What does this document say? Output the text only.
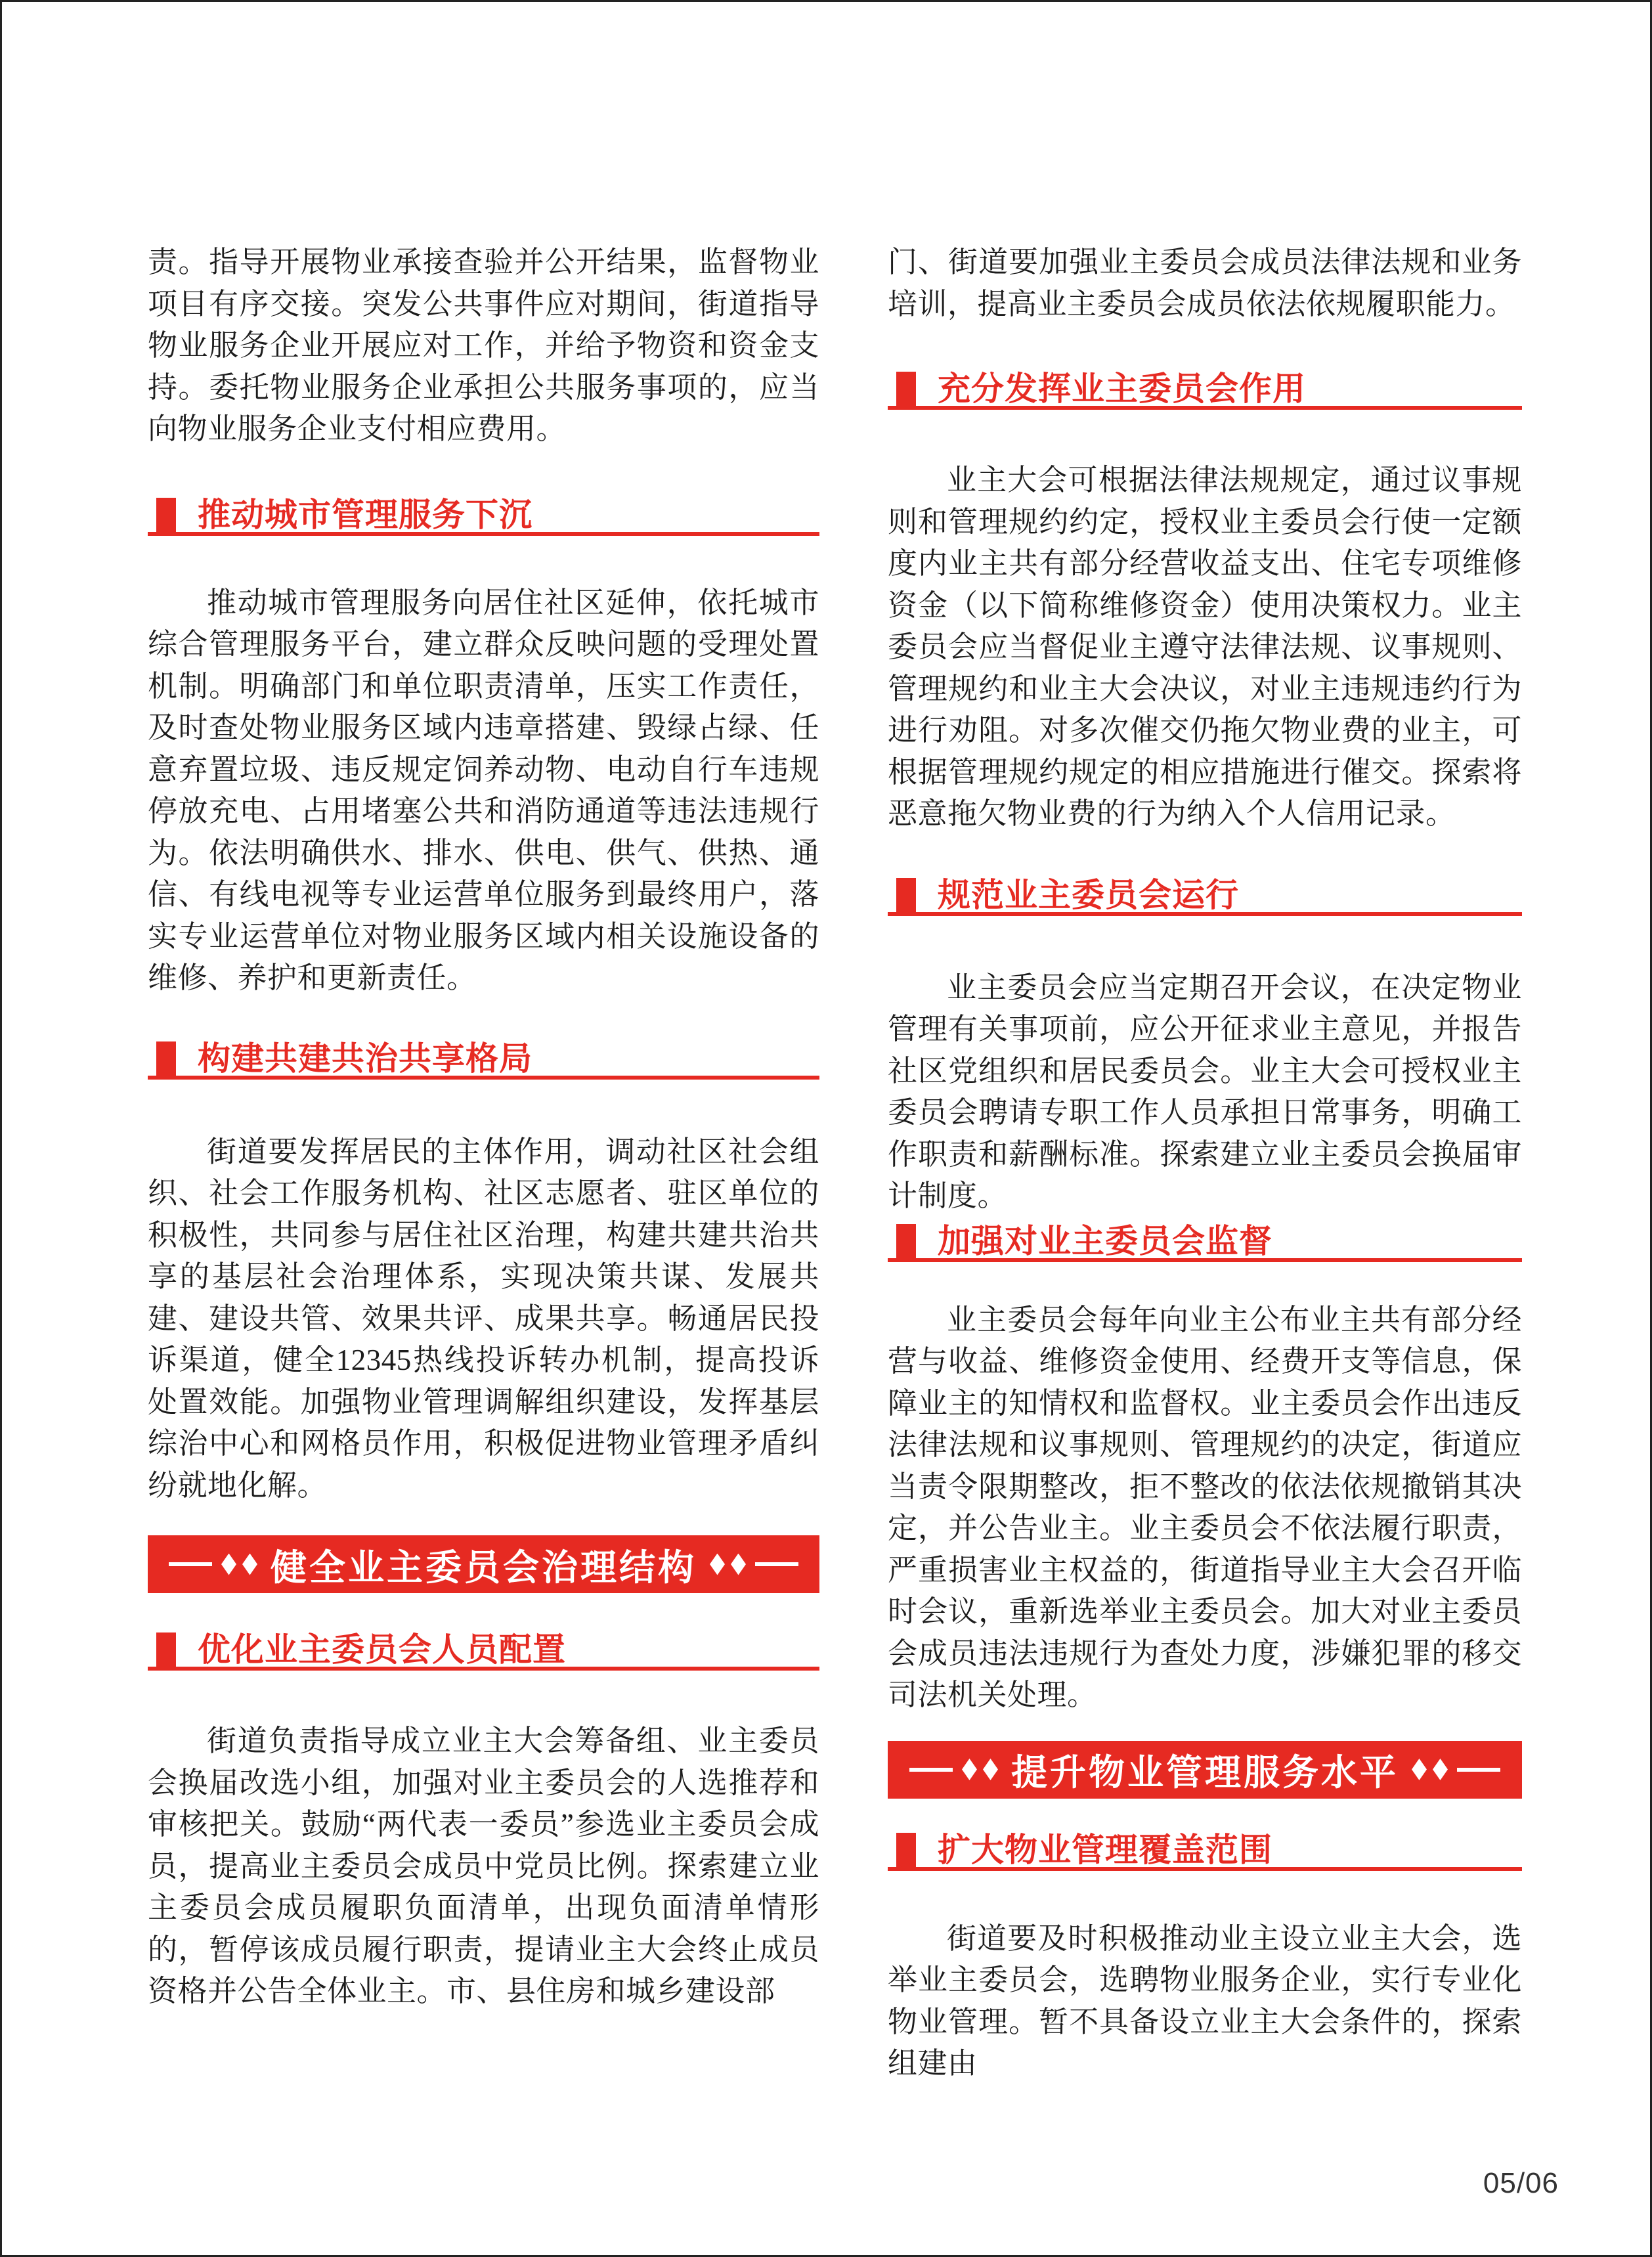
责。指导开展物业承接查验并公开结果，监督物业项目有序交接。突发公共事件应对期间，街道指导物业服务企业开展应对工作，并给予物资和资金支持。委托物业服务企业承担公共服务事项的，应当向物业服务企业支付相应费用。

推动城市管理服务下沉

推动城市管理服务向居住社区延伸，依托城市综合管理服务平台，建立群众反映问题的受理处置机制。明确部门和单位职责清单，压实工作责任，及时查处物业服务区域内违章搭建、毁绿占绿、任意弃置垃圾、违反规定饲养动物、电动自行车违规停放充电、占用堵塞公共和消防通道等违法违规行为。依法明确供水、排水、供电、供气、供热、通信、有线电视等专业运营单位服务到最终用户，落实专业运营单位对物业服务区域内相关设施设备的维修、养护和更新责任。

构建共建共治共享格局

街道要发挥居民的主体作用，调动社区社会组织、社会工作服务机构、社区志愿者、驻区单位的积极性，共同参与居住社区治理，构建共建共治共享的基层社会治理体系，实现决策共谋、发展共建、建设共管、效果共评、成果共享。畅通居民投诉渠道，健全12345热线投诉转办机制，提高投诉处置效能。加强物业管理调解组织建设，发挥基层综治中心和网格员作用，积极促进物业管理矛盾纠纷就地化解。

健全业主委员会治理结构
优化业主委员会人员配置

街道负责指导成立业主大会筹备组、业主委员会换届改选小组，加强对业主委员会的人选推荐和审核把关。鼓励“两代表一委员”参选业主委员会成员，提高业主委员会成员中党员比例。探索建立业主委员会成员履职负面清单，出现负面清单情形的，暂停该成员履行职责，提请业主大会终止成员资格并公告全体业主。市、县住房和城乡建设部

门、街道要加强业主委员会成员法律法规和业务培训，提高业主委员会成员依法依规履职能力。

充分发挥业主委员会作用

业主大会可根据法律法规规定，通过议事规则和管理规约约定，授权业主委员会行使一定额度内业主共有部分经营收益支出、住宅专项维修资金（以下简称维修资金）使用决策权力。业主委员会应当督促业主遵守法律法规、议事规则、管理规约和业主大会决议，对业主违规违约行为进行劝阻。对多次催交仍拖欠物业费的业主，可根据管理规约规定的相应措施进行催交。探索将恶意拖欠物业费的行为纳入个人信用记录。

规范业主委员会运行

业主委员会应当定期召开会议，在决定物业管理有关事项前，应公开征求业主意见，并报告社区党组织和居民委员会。业主大会可授权业主委员会聘请专职工作人员承担日常事务，明确工作职责和薪酬标准。探索建立业主委员会换届审计制度。

加强对业主委员会监督

业主委员会每年向业主公布业主共有部分经营与收益、维修资金使用、经费开支等信息，保障业主的知情权和监督权。业主委员会作出违反法律法规和议事规则、管理规约的决定，街道应当责令限期整改，拒不整改的依法依规撤销其决定，并公告业主。业主委员会不依法履行职责，严重损害业主权益的，街道指导业主大会召开临时会议，重新选举业主委员会。加大对业主委员会成员违法违规行为查处力度，涉嫌犯罪的移交司法机关处理。

提升物业管理服务水平
扩大物业管理覆盖范围

街道要及时积极推动业主设立业主大会，选举业主委员会，选聘物业服务企业，实行专业化物业管理。暂不具备设立业主大会条件的，探索组建由

05/06
